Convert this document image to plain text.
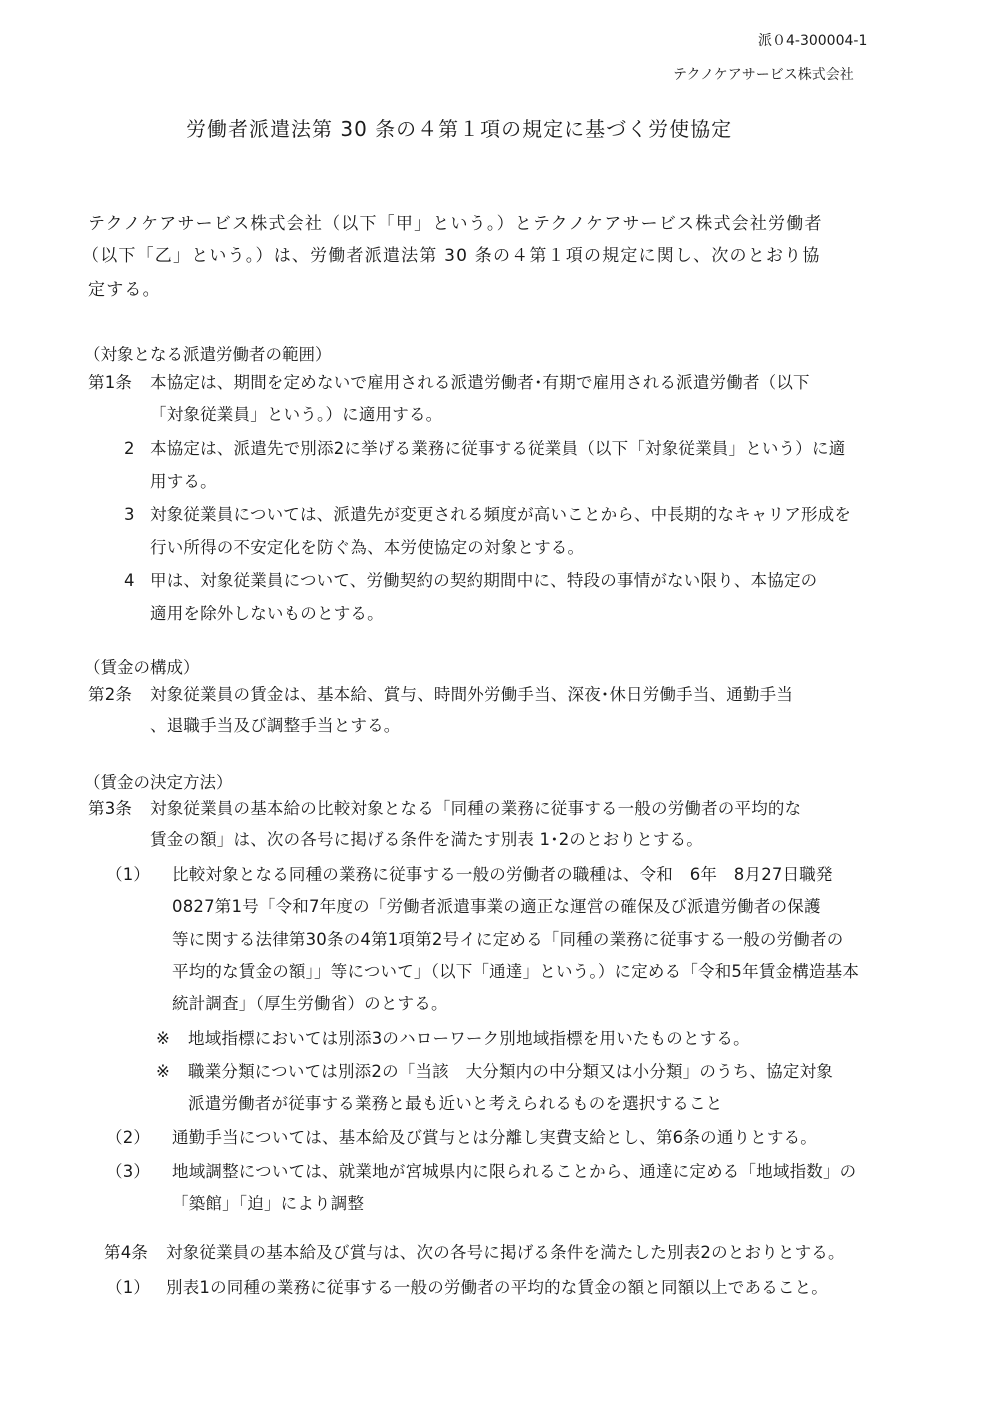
派０4-300004-1
テクノケアサービス株式会社
労働者派遣法第 30 条の４第１項の規定に基づく労使協定
テクノケアサービス株式会社（以下「甲」という。）とテクノケアサービス株式会社労働者
（以下「乙」という。）は、労働者派遣法第 30 条の４第１項の規定に関し、次のとおり協
定する。
（対象となる派遣労働者の範囲）
第1条 本協定は、期間を定めないで雇用される派遣労働者･有期で雇用される派遣労働者（以下
「対象従業員」という。）に適用する。
2 本協定は、派遣先で別添2に挙げる業務に従事する従業員（以下「対象従業員」という）に適
用する。
3 対象従業員については、派遣先が変更される頻度が高いことから、中長期的なキャリア形成を
行い所得の不安定化を防ぐ為、本労使協定の対象とする。
4 甲は、対象従業員について、労働契約の契約期間中に、特段の事情がない限り、本協定の
適用を除外しないものとする。
（賃金の構成）
第2条 対象従業員の賃金は、基本給、賞与、時間外労働手当、深夜･休日労働手当、通勤手当
、退職手当及び調整手当とする。
（賃金の決定方法）
第3条 対象従業員の基本給の比較対象となる「同種の業務に従事する一般の労働者の平均的な
賃金の額」は、次の各号に掲げる条件を満たす別表 1･2のとおりとする。
（1） 比較対象となる同種の業務に従事する一般の労働者の職種は、令和　6年　8月27日職発
0827第1号「令和7年度の「労働者派遣事業の適正な運営の確保及び派遣労働者の保護
等に関する法律第30条の4第1項第2号イに定める「同種の業務に従事する一般の労働者の
平均的な賃金の額」」等について」（以下「通達」という。）に定める「令和5年賃金構造基本
統計調査」（厚生労働省）のとする。
※ 地域指標においては別添3のハローワーク別地域指標を用いたものとする。
※ 職業分類については別添2の「当該　大分類内の中分類又は小分類」のうち、協定対象
派遣労働者が従事する業務と最も近いと考えられるものを選択すること
（2） 通勤手当については、基本給及び賞与とは分離し実費支給とし、第6条の通りとする。
（3） 地域調整については、就業地が宮城県内に限られることから、通達に定める「地域指数」の
「築館」「迫」により調整
第4条 対象従業員の基本給及び賞与は、次の各号に掲げる条件を満たした別表2のとおりとする。
（1） 別表1の同種の業務に従事する一般の労働者の平均的な賃金の額と同額以上であること。
